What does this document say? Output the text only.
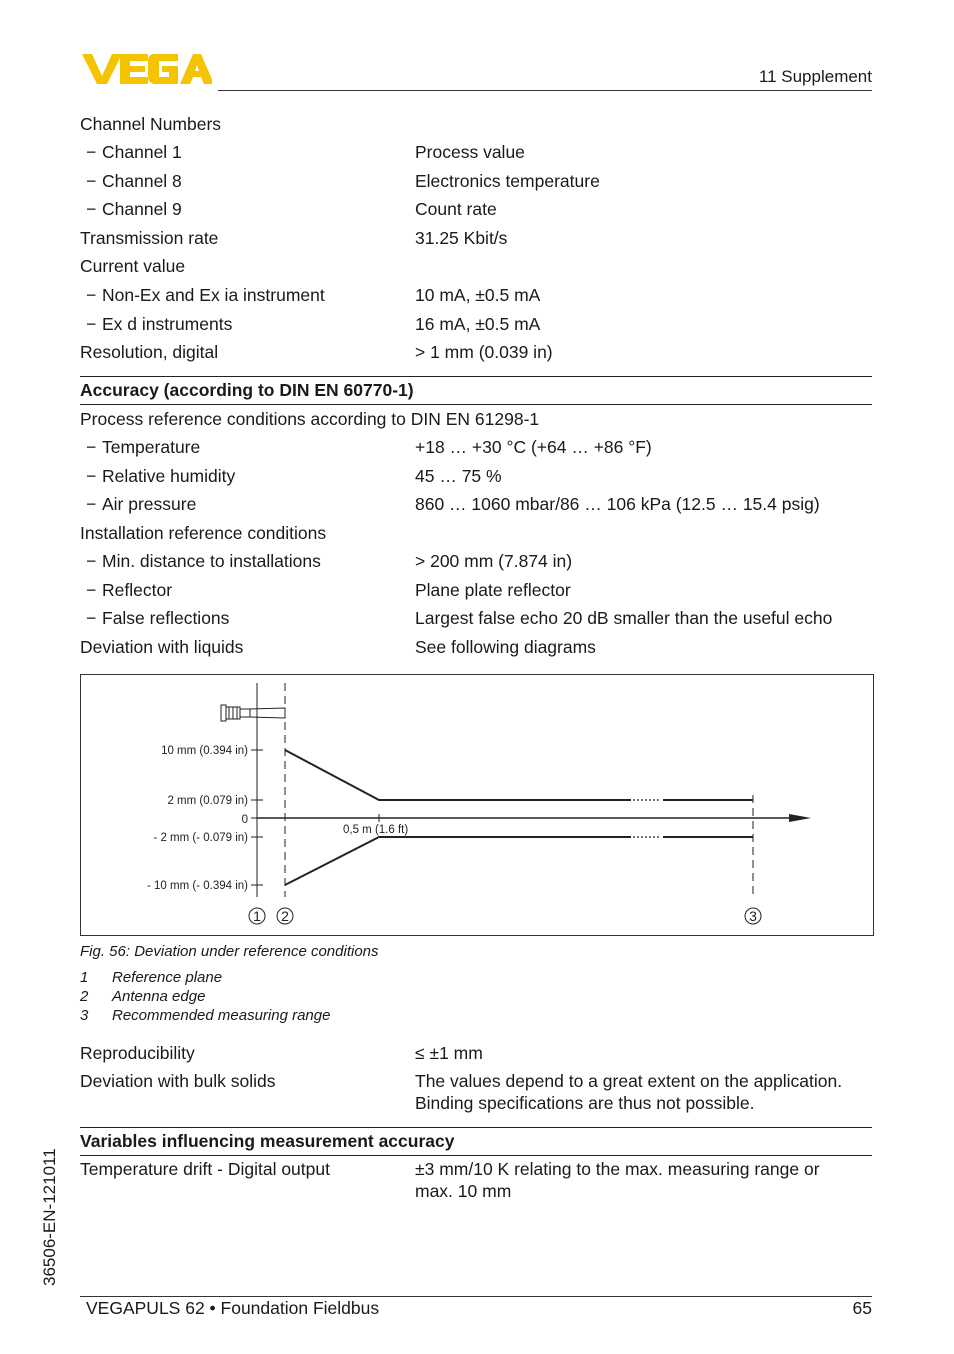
11 Supplement
Channel Numbers
− Channel 1	Process value
− Channel 8	Electronics temperature
− Channel 9	Count rate
Transmission rate	31.25 Kbit/s
Current value
− Non-Ex and Ex ia instrument	10 mA, ±0.5 mA
− Ex d instruments	16 mA, ±0.5 mA
Resolution, digital	> 1 mm (0.039 in)
Accuracy (according to DIN EN 60770-1)
Process reference conditions according to DIN EN 61298-1
− Temperature	+18 … +30 °C (+64 … +86 °F)
− Relative humidity	45 … 75 %
− Air pressure	860 … 1060 mbar/86 … 106 kPa (12.5 … 15.4 psig)
Installation reference conditions
− Min. distance to installations	> 200 mm (7.874 in)
− Reflector	Plane plate reflector
− False reflections	Largest false echo 20 dB smaller than the useful echo
Deviation with liquids	See following diagrams
10 mm (0.394 in)
2 mm (0.079 in)
0
- 2 mm (- 0.079 in)
- 10 mm (- 0.394 in)
0,5 m (1.6 ft)
1 2	3
Fig. 56: Deviation under reference conditions
1 Reference plane
2 Antenna edge
3 Recommended measuring range
Reproducibility	≤ ±1 mm
Deviation with bulk solids	The values depend to a great extent on the application.
Binding specifications are thus not possible.
Variables influencing measurement accuracy
Temperature drift - Digital output	±3 mm/10 K relating to the max. measuring range or
max. 10 mm
36506-EN-121011
VEGAPULS 62 • Foundation Fieldbus	65
